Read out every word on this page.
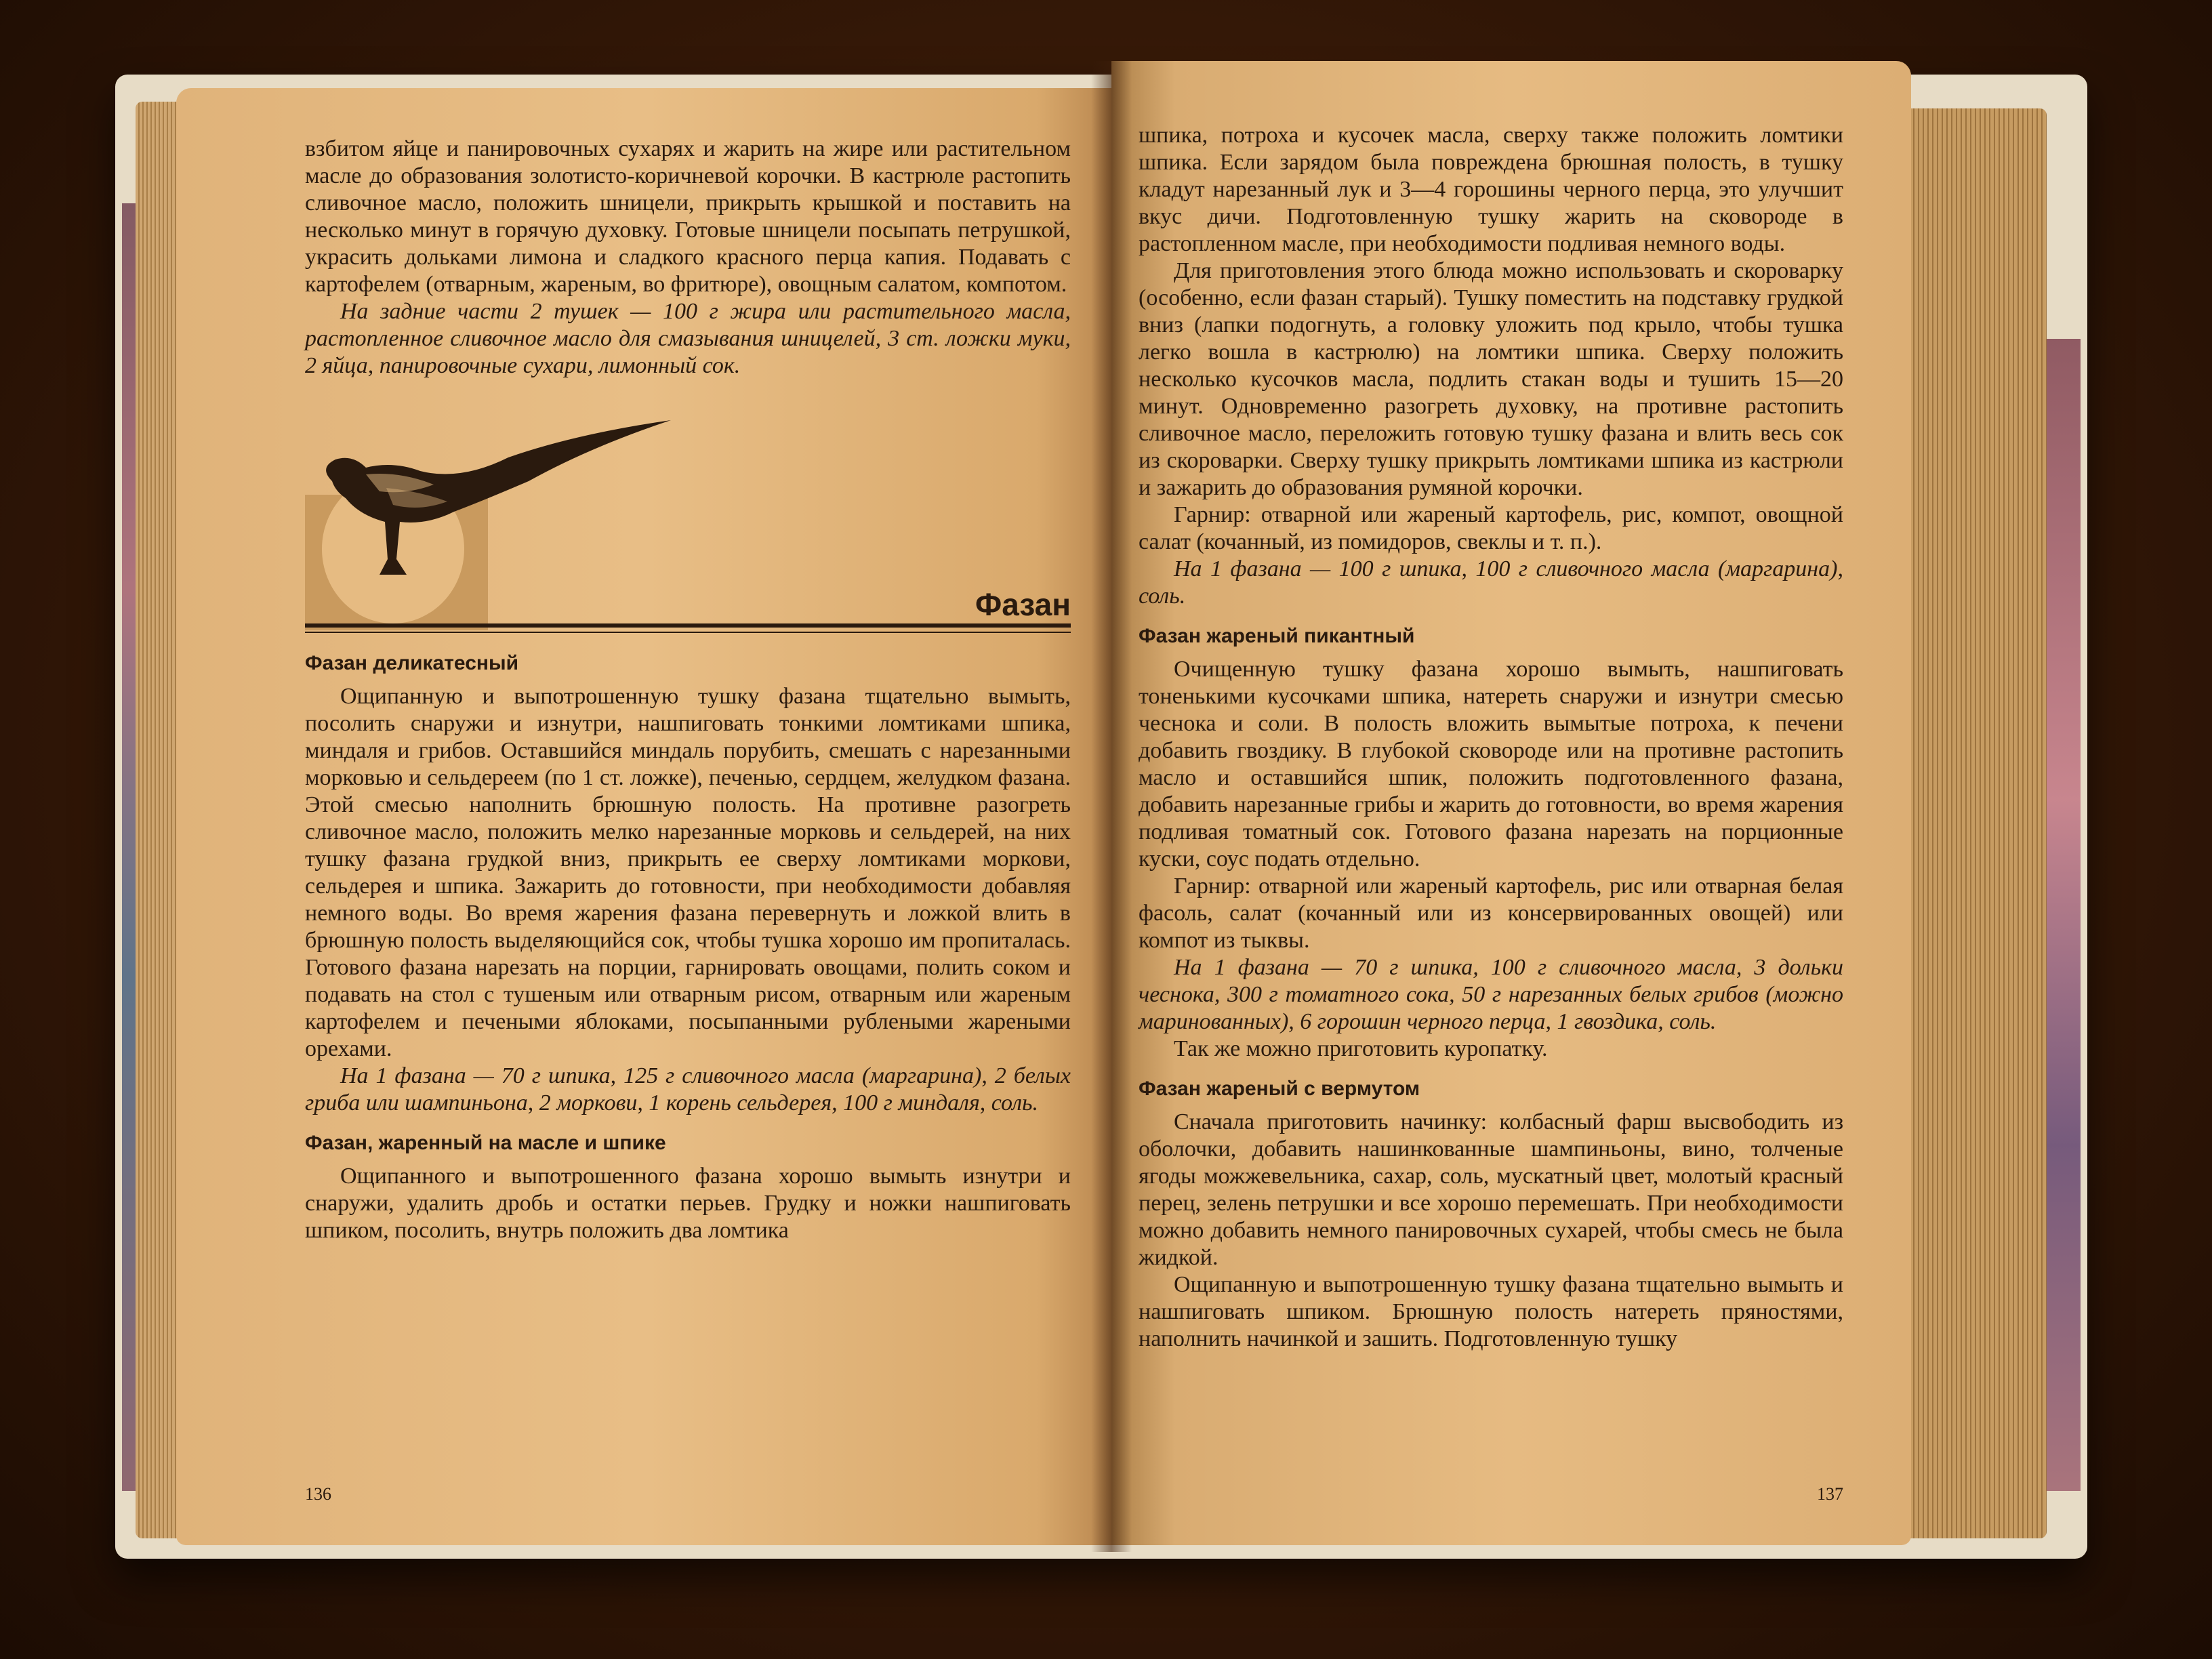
взбитом яйце и панировочных сухарях и жарить на жире или растительном масле до образования золотисто-коричневой корочки. В кастрюле растопить сливочное масло, положить шницели, прикрыть крышкой и поставить на несколько минут в горячую духовку. Готовые шницели посыпать петрушкой, украсить дольками лимона и сладкого красного перца капия. Подавать с картофелем (отварным, жареным, во фритюре), овощным салатом, компотом.

На задние части 2 тушек — 100 г жира или растительного масла, растопленное сливочное масло для смазывания шницелей, 3 ст. ложки муки, 2 яйца, панировочные сухари, лимонный сок.

Фазан
Фазан деликатесный

Ощипанную и выпотрошенную тушку фазана тщательно вымыть, посолить снаружи и изнутри, нашпиговать тонкими ломтиками шпика, миндаля и грибов. Оставшийся миндаль порубить, смешать с нарезанными морковью и сельдереем (по 1 ст. ложке), печенью, сердцем, желудком фазана. Этой смесью наполнить брюшную полость. На противне разогреть сливочное масло, положить мелко нарезанные морковь и сельдерей, на них тушку фазана грудкой вниз, прикрыть ее сверху ломтиками моркови, сельдерея и шпика. Зажарить до готовности, при необходимости добавляя немного воды. Во время жарения фазана перевернуть и ложкой влить в брюшную полость выделяющийся сок, чтобы тушка хорошо им пропиталась. Готового фазана нарезать на порции, гарнировать овощами, полить соком и подавать на стол с тушеным или отварным рисом, отварным или жареным картофелем и печеными яблоками, посыпанными рублеными жареными орехами.

На 1 фазана — 70 г шпика, 125 г сливочного масла (маргарина), 2 белых гриба или шампиньона, 2 моркови, 1 корень сельдерея, 100 г миндаля, соль.

Фазан, жаренный на масле и шпике

Ощипанного и выпотрошенного фазана хорошо вымыть изнутри и снаружи, удалить дробь и остатки перьев. Грудку и ножки нашпиговать шпиком, посолить, внутрь положить два ломтика

136

шпика, потроха и кусочек масла, сверху также положить ломтики шпика. Если зарядом была повреждена брюшная полость, в тушку кладут нарезанный лук и 3—4 горошины черного перца, это улучшит вкус дичи. Подготовленную тушку жарить на сковороде в растопленном масле, при необходимости подливая немного воды.

Для приготовления этого блюда можно использовать и скороварку (особенно, если фазан старый). Тушку поместить на подставку грудкой вниз (лапки подогнуть, а головку уложить под крыло, чтобы тушка легко вошла в кастрюлю) на ломтики шпика. Сверху положить несколько кусочков масла, подлить стакан воды и тушить 15—20 минут. Одновременно разогреть духовку, на противне растопить сливочное масло, переложить готовую тушку фазана и влить весь сок из скороварки. Сверху тушку прикрыть ломтиками шпика из кастрюли и зажарить до образования румяной корочки.

Гарнир: отварной или жареный картофель, рис, компот, овощной салат (кочанный, из помидоров, свеклы и т. п.).

На 1 фазана — 100 г шпика, 100 г сливочного масла (маргарина), соль.

Фазан жареный пикантный

Очищенную тушку фазана хорошо вымыть, нашпиговать тоненькими кусочками шпика, натереть снаружи и изнутри смесью чеснока и соли. В полость вложить вымытые потроха, к печени добавить гвоздику. В глубокой сковороде или на противне растопить масло и оставшийся шпик, положить подготовленного фазана, добавить нарезанные грибы и жарить до готовности, во время жарения подливая томатный сок. Готового фазана нарезать на порционные куски, соус подать отдельно.

Гарнир: отварной или жареный картофель, рис или отварная белая фасоль, салат (кочанный или из консервированных овощей) или компот из тыквы.

На 1 фазана — 70 г шпика, 100 г сливочного масла, 3 дольки чеснока, 300 г томатного сока, 50 г нарезанных белых грибов (можно маринованных), 6 горошин черного перца, 1 гвоздика, соль.

Так же можно приготовить куропатку.

Фазан жареный с вермутом

Сначала приготовить начинку: колбасный фарш высвободить из оболочки, добавить нашинкованные шампиньоны, вино, толченые ягоды можжевельника, сахар, соль, мускатный цвет, молотый красный перец, зелень петрушки и все хорошо перемешать. При необходимости можно добавить немного панировочных сухарей, чтобы смесь не была жидкой.

Ощипанную и выпотрошенную тушку фазана тщательно вымыть и нашпиговать шпиком. Брюшную полость натереть пряностями, наполнить начинкой и зашить. Подготовленную тушку

137
